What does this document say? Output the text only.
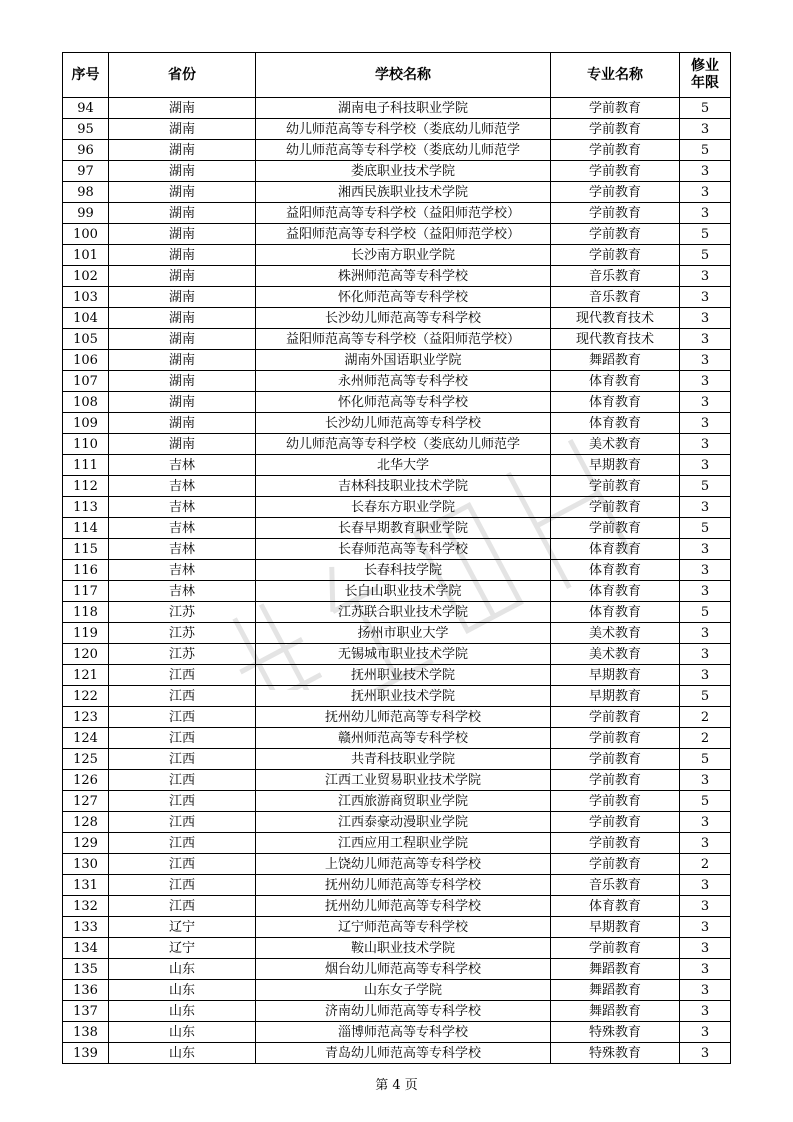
序号	省份	学校名称	专业名称	修业
年限
94	湖南	湖南电子科技职业学院	学前教育	5
95	湖南	幼儿师范高等专科学校（娄底幼儿师范学	学前教育	3
96	湖南	幼儿师范高等专科学校（娄底幼儿师范学	学前教育	5
97	湖南	娄底职业技术学院	学前教育	3
98	湖南	湘西民族职业技术学院	学前教育	3
99	湖南	益阳师范高等专科学校（益阳师范学校）	学前教育	3
100	湖南	益阳师范高等专科学校（益阳师范学校）	学前教育	5
101	湖南	长沙南方职业学院	学前教育	5
102	湖南	株洲师范高等专科学校	音乐教育	3
103	湖南	怀化师范高等专科学校	音乐教育	3
104	湖南	长沙幼儿师范高等专科学校	现代教育技术	3
105	湖南	益阳师范高等专科学校（益阳师范学校）	现代教育技术	3
106	湖南	湖南外国语职业学院	舞蹈教育	3
107	湖南	永州师范高等专科学校	体育教育	3
108	湖南	怀化师范高等专科学校	体育教育	3
109	湖南	长沙幼儿师范高等专科学校	体育教育	3
110	湖南	幼儿师范高等专科学校（娄底幼儿师范学	美术教育	3
111	吉林	北华大学	早期教育	3
112	吉林	吉林科技职业技术学院	学前教育	5
113	吉林	长春东方职业学院	学前教育	3
114	吉林	长春早期教育职业学院	学前教育	5
115	吉林	长春师范高等专科学校	体育教育	3
116	吉林	长春科技学院	体育教育	3
117	吉林	长白山职业技术学院	体育教育	3
118	江苏	江苏联合职业技术学院	体育教育	5
119	江苏	扬州市职业大学	美术教育	3
120	江苏	无锡城市职业技术学院	美术教育	3
121	江西	抚州职业技术学院	早期教育	3
122	江西	抚州职业技术学院	早期教育	5
123	江西	抚州幼儿师范高等专科学校	学前教育	2
124	江西	赣州师范高等专科学校	学前教育	2
125	江西	共青科技职业学院	学前教育	5
126	江西	江西工业贸易职业技术学院	学前教育	3
127	江西	江西旅游商贸职业学院	学前教育	5
128	江西	江西泰豪动漫职业学院	学前教育	3
129	江西	江西应用工程职业学院	学前教育	3
130	江西	上饶幼儿师范高等专科学校	学前教育	2
131	江西	抚州幼儿师范高等专科学校	音乐教育	3
132	江西	抚州幼儿师范高等专科学校	体育教育	3
133	辽宁	辽宁师范高等专科学校	早期教育	3
134	辽宁	鞍山职业技术学院	学前教育	3
135	山东	烟台幼儿师范高等专科学校	舞蹈教育	3
136	山东	山东女子学院	舞蹈教育	3
137	山东	济南幼儿师范高等专科学校	舞蹈教育	3
138	山东	淄博师范高等专科学校	特殊教育	3
139	山东	青岛幼儿师范高等专科学校	特殊教育	3
第 4 页
